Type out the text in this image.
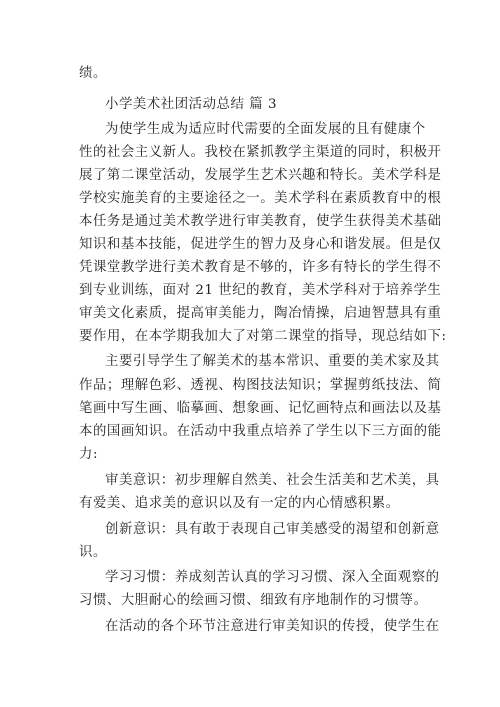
绩。
小学美术社团活动总结 篇 3
为使学生成为适应时代需要的全面发展的且有健康个
性的社会主义新人。我校在紧抓教学主渠道的同时，积极开
展了第二课堂活动，发展学生艺术兴趣和特长。美术学科是
学校实施美育的主要途径之一。美术学科在素质教育中的根
本任务是通过美术教学进行审美教育，使学生获得美术基础
知识和基本技能，促进学生的智力及身心和谐发展。但是仅
凭课堂教学进行美术教育是不够的，许多有特长的学生得不
到专业训练，面对 21 世纪的教育，美术学科对于培养学生
审美文化素质，提高审美能力，陶冶情操，启迪智慧具有重
要作用，在本学期我加大了对第二课堂的指导，现总结如下:
主要引导学生了解美术的基本常识、重要的美术家及其
作品；理解色彩、透视、构图技法知识；掌握剪纸技法、简
笔画中写生画、临摹画、想象画、记忆画特点和画法以及基
本的国画知识。在活动中我重点培养了学生以下三方面的能
力:
审美意识：初步理解自然美、社会生活美和艺术美，具
有爱美、追求美的意识以及有一定的内心情感积累。
创新意识：具有敢于表现自己审美感受的渴望和创新意
识。
学习习惯：养成刻苦认真的学习习惯、深入全面观察的
习惯、大胆耐心的绘画习惯、细致有序地制作的习惯等。
在活动的各个环节注意进行审美知识的传授，使学生在
